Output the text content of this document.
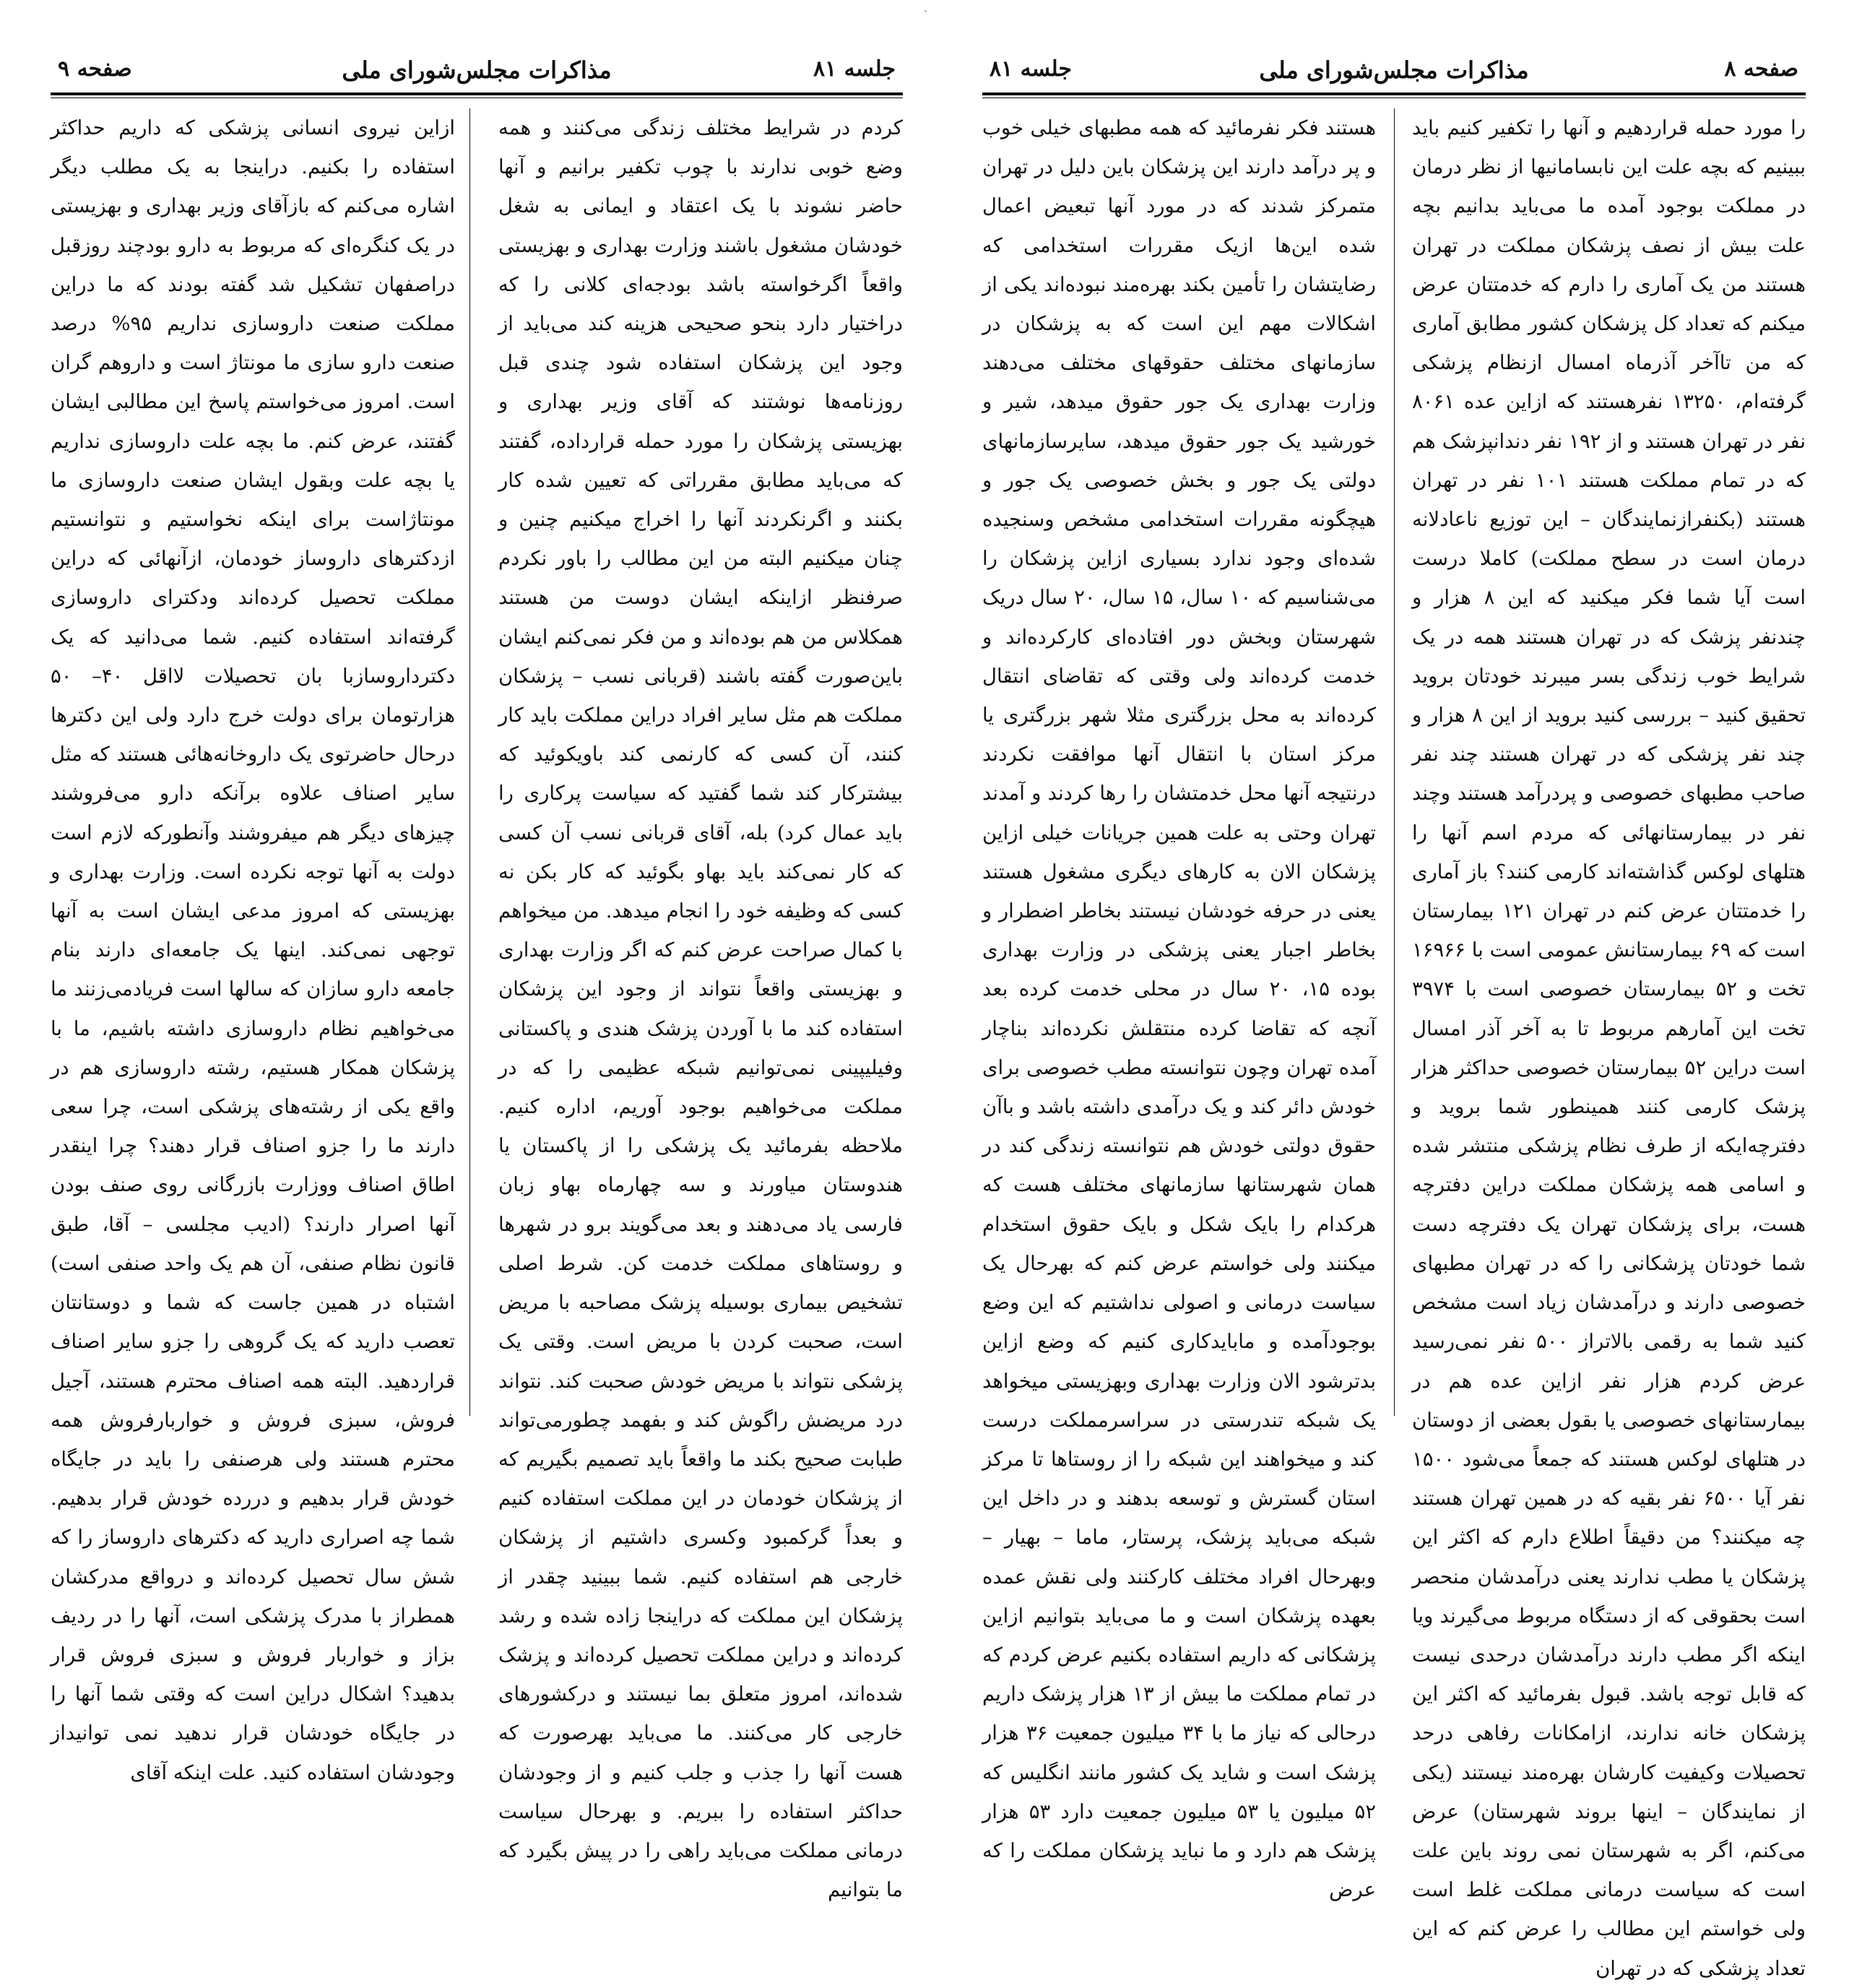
جلسه ۸۱
مذاکرات مجلس‌شورای ملی
صفحه ۹

کردم در شرایط مختلف زندگی می‌کنند و همه وضع خوبی ندارند با چوب تکفیر برانیم و آنها حاضر نشوند با یک اعتقاد و ایمانی به شغل خودشان مشغول باشند وزارت بهداری و بهزیستی واقعاً اگرخواسته باشد بودجه‌ای کلانی را که دراختیار دارد بنحو صحیحی هزینه کند می‌باید از وجود این پزشکان استفاده شود چندی قبل روزنامه‌ها نوشتند که آقای وزیر بهداری و بهزیستی پزشکان را مورد حمله قرارداده، گفتند که می‌باید مطابق مقرراتی که تعیین شده کار بکنند و اگرنکردند آنها را اخراج میکنیم چنین و چنان میکنیم البته من این مطالب را باور نکردم صرفنظر ازاینکه ایشان دوست من هستند همکلاس من هم بوده‌اند و من فکر نمی‌کنم ایشان باین‌صورت گفته باشند (قربانی نسب – پزشکان مملکت هم مثل سایر افراد دراین مملکت باید کار کنند، آن کسی که کارنمی کند باویکوئید که بیشترکار کند شما گفتید که سیاست پرکاری را باید عمال کرد) بله، آقای قربانی نسب آن کسی که کار نمی‌کند باید بهاو بگوئید که کار بکن نه کسی که وظیفه خود را انجام میدهد. من میخواهم با کمال صراحت عرض کنم که اگر وزارت بهداری و بهزیستی واقعاً نتواند از وجود این پزشکان استفاده کند ما با آوردن پزشک هندی و پاکستانی وفیلیپینی نمی‌توانیم شبکه عظیمی را که در مملکت می‌خواهیم بوجود آوریم، اداره کنیم. ملاحظه بفرمائید یک پزشکی را از پاکستان یا هندوستان میاورند و سه چهارماه بهاو زبان فارسی یاد می‌دهند و بعد می‌گویند برو در شهرها و روستاهای مملکت خدمت کن. شرط اصلی تشخیص بیماری بوسیله پزشک مصاحبه با مریض است، صحبت کردن با مریض است. وقتی یک پزشکی نتواند با مریض خودش صحبت کند. نتواند درد مریضش راگوش کند و بفهمد چطورمی‌تواند طبابت صحیح بکند ما واقعاً باید تصمیم بگیریم که از پزشکان خودمان در این مملکت استفاده کنیم و بعداً گرکمبود وکسری داشتیم از پزشکان خارجی هم استفاده کنیم. شما ببینید چقدر از پزشکان این مملکت که دراینجا زاده شده و رشد کرده‌اند و دراین مملکت تحصیل کرده‌اند و پزشک شده‌اند، امروز متعلق بما نیستند و درکشورهای خارجی کار می‌کنند. ما می‌باید بهرصورت که هست آنها را جذب و جلب کنیم و از وجودشان حداکثر استفاده را ببریم. و بهرحال سیاست درمانی مملکت می‌باید راهی را در پیش بگیرد که ما بتوانیم

ازاین نیروی انسانی پزشکی که داریم حداکثر استفاده را بکنیم. دراینجا به یک مطلب دیگر اشاره می‌کنم که بازآقای وزیر بهداری و بهزیستی در یک کنگره‌ای که مربوط به دارو بودچند روزقبل دراصفهان تشکیل شد گفته بودند که ما دراین مملکت صنعت داروسازی نداریم ۹۵% درصد صنعت دارو سازی ما مونتاژ است و داروهم گران است. امروز می‌خواستم پاسخ این مطالبی ایشان گفتند، عرض کنم. ما بچه علت داروسازی نداریم یا بچه علت وبقول ایشان صنعت داروسازی ما مونتاژاست برای اینکه نخواستیم و نتوانستیم ازدکترهای داروساز خودمان، ازآنهائی که دراین مملکت تحصیل کرده‌اند ودکترای داروسازی گرفته‌اند استفاده کنیم. شما می‌دانید که یک دکترداروسازبا بان تحصیلات لااقل ۴۰– ۵۰ هزارتومان برای دولت خرج دارد ولی این دکترها درحال حاضرتوی یک داروخانه‌هائی هستند که مثل سایر اصناف علاوه برآنکه دارو می‌فروشند چیزهای دیگر هم میفروشند وآنطورکه لازم است دولت به آنها توجه نکرده است. وزارت بهداری و بهزیستی که امروز مدعی ایشان است به آنها توجهی نمی‌کند. اینها یک جامعه‌ای دارند بنام جامعه دارو سازان که سالها است فریادمی‌زنند ما می‌خواهیم نظام داروسازی داشته باشیم، ما با پزشکان همکار هستیم، رشته داروسازی هم در واقع یکی از رشته‌های پزشکی است، چرا سعی دارند ما را جزو اصناف قرار دهند؟ چرا اینقدر اطاق اصناف ووزارت بازرگانی روی صنف بودن آنها اصرار دارند؟ (ادیب مجلسی – آقا، طبق قانون نظام صنفی، آن هم یک واحد صنفی است) اشتباه در همین جاست که شما و دوستانتان تعصب دارید که یک گروهی را جزو سایر اصناف قراردهید. البته همه اصناف محترم هستند، آجیل فروش، سبزی فروش و خواربارفروش همه محترم هستند ولی هرصنفی را باید در جایگاه خودش قرار بدهیم و دررده خودش قرار بدهیم. شما چه اصراری دارید که دکترهای داروساز را که شش سال تحصیل کرده‌اند و درواقع مدرکشان همطراز با مدرک پزشکی است، آنها را در ردیف بزاز و خواربار فروش و سبزی فروش قرار بدهید؟ اشکال دراین است که وقتی شما آنها را در جایگاه خودشان قرار ندهید نمی توانیداز وجودشان استفاده کنید. علت اینکه آقای

صفحه ۸
مذاکرات مجلس‌شورای ملی
جلسه ۸۱

را مورد حمله قراردهیم و آنها را تکفیر کنیم باید ببینیم که بچه علت این نابسامانیها از نظر درمان در مملکت بوجود آمده ما می‌باید بدانیم بچه علت بیش از نصف پزشکان مملکت در تهران هستند من یک آماری را دارم که خدمتتان عرض میکنم که تعداد کل پزشکان کشور مطابق آماری که من تاآخر آذرماه امسال ازنظام پزشکی گرفته‌ام، ۱۳۲۵۰ نفرهستند که ازاین عده ۸۰۶۱ نفر در تهران هستند و از ۱۹۲ نفر دندانپزشک هم که در تمام مملکت هستند ۱۰۱ نفر در تهران هستند (بکنفرازنمایندگان – این توزیع ناعادلانه درمان است در سطح مملکت) کاملا درست است آیا شما فکر میکنید که این ۸ هزار و چندنفر پزشک که در تهران هستند همه در یک شرایط خوب زندگی بسر میبرند خودتان بروید تحقیق کنید – بررسی کنید بروید از این ۸ هزار و چند نفر پزشکی که در تهران هستند چند نفر صاحب مطبهای خصوصی و پردرآمد هستند وچند نفر در بیمارستانهائی که مردم اسم آنها را هتلهای لوکس گذاشته‌اند کارمی کنند؟ باز آماری را خدمتتان عرض کنم در تهران ۱۲۱ بیمارستان است که ۶۹ بیمارستانش عمومی است با ۱۶۹۶۶ تخت و ۵۲ بیمارستان خصوصی است با ۳۹۷۴ تخت این آمارهم مربوط تا به آخر آذر امسال است دراین ۵۲ بیمارستان خصوصی حداکثر هزار پزشک کارمی کنند همینطور شما بروید و دفترچه‌ایکه از طرف نظام پزشکی منتشر شده و اسامی همه پزشکان مملکت دراین دفترچه هست، برای پزشکان تهران یک دفترچه دست شما خودتان پزشکانی را که در تهران مطبهای خصوصی دارند و درآمدشان زیاد است مشخص کنید شما به رقمی بالاتراز ۵۰۰ نفر نمی‌رسید عرض کردم هزار نفر ازاین عده هم در بیمارستانهای خصوصی یا بقول بعضی از دوستان در هتلهای لوکس هستند که جمعاً می‌شود ۱۵۰۰ نفر آیا ۶۵۰۰ نفر بقیه که در همین تهران هستند چه میکنند؟ من دقیقاً اطلاع دارم که اکثر این پزشکان یا مطب ندارند یعنی درآمدشان منحصر است بحقوقی که از دستگاه مربوط می‌گیرند ویا اینکه اگر مطب دارند درآمدشان درحدی نیست که قابل توجه باشد. قبول بفرمائید که اکثر این پزشکان خانه ندارند، ازامکانات رفاهی درحد تحصیلات وکیفیت کارشان بهره‌مند نیستند (یکی از نمایندگان – اینها بروند شهرستان) عرض می‌کنم، اگر به شهرستان نمی روند باین علت است که سیاست درمانی مملکت غلط است ولی خواستم این مطالب را عرض کنم که این تعداد پزشکی که در تهران

هستند فکر نفرمائید که همه مطبهای خیلی خوب و پر درآمد دارند این پزشکان باین دلیل در تهران متمرکز شدند که در مورد آنها تبعیض اعمال شده این‌ها ازیک مقررات استخدامی که رضایتشان را تأمین بکند بهره‌مند نبوده‌اند یکی از اشکالات مهم این است که به پزشکان در سازمانهای مختلف حقوقهای مختلف می‌دهند وزارت بهداری یک جور حقوق میدهد، شیر و خورشید یک جور حقوق میدهد، سایرسازمانهای دولتی یک جور و بخش خصوصی یک جور و هیچگونه مقررات استخدامی مشخص وسنجیده شده‌ای وجود ندارد بسیاری ازاین پزشکان را می‌شناسیم که ۱۰ سال، ۱۵ سال، ۲۰ سال دریک شهرستان وبخش دور افتاده‌ای کارکرده‌اند و خدمت کرده‌اند ولی وقتی که تقاضای انتقال کرده‌اند به محل بزرگتری مثلا شهر بزرگتری یا مرکز استان با انتقال آنها موافقت نکردند درنتیجه آنها محل خدمتشان را رها کردند و آمدند تهران وحتی به علت همین جریانات خیلی ازاین پزشکان الان به کارهای دیگری مشغول هستند یعنی در حرفه خودشان نیستند بخاطر اضطرار و بخاطر اجبار یعنی پزشکی در وزارت بهداری بوده ۱۵، ۲۰ سال در محلی خدمت کرده بعد آنچه که تقاضا کرده منتقلش نکرده‌اند بناچار آمده تهران وچون نتوانسته مطب خصوصی برای خودش دائر کند و یک درآمدی داشته باشد و باآن حقوق دولتی خودش هم نتوانسته زندگی کند در همان شهرستانها سازمانهای مختلف هست که هرکدام را بایک شکل و بایک حقوق استخدام میکنند ولی خواستم عرض کنم که بهرحال یک سیاست درمانی و اصولی نداشتیم که این وضع بوجودآمده و مابایدکاری کنیم که وضع ازاین بدترشود الان وزارت بهداری وبهزیستی میخواهد یک شبکه تندرستی در سراسرمملکت درست کند و میخواهند این شبکه را از روستاها تا مرکز استان گسترش و توسعه بدهند و در داخل این شبکه می‌باید پزشک، پرستار، ماما – بهیار – وبهرحال افراد مختلف کارکنند ولی نقش عمده بعهده پزشکان است و ما می‌باید بتوانیم ازاین پزشکانی که داریم استفاده بکنیم عرض کردم که در تمام مملکت ما بیش از ۱۳ هزار پزشک داریم درحالی که نیاز ما با ۳۴ میلیون جمعیت ۳۶ هزار پزشک است و شاید یک کشور مانند انگلیس که ۵۲ میلیون یا ۵۳ میلیون جمعیت دارد ۵۳ هزار پزشک هم دارد و ما نباید پزشکان مملکت را که عرض
